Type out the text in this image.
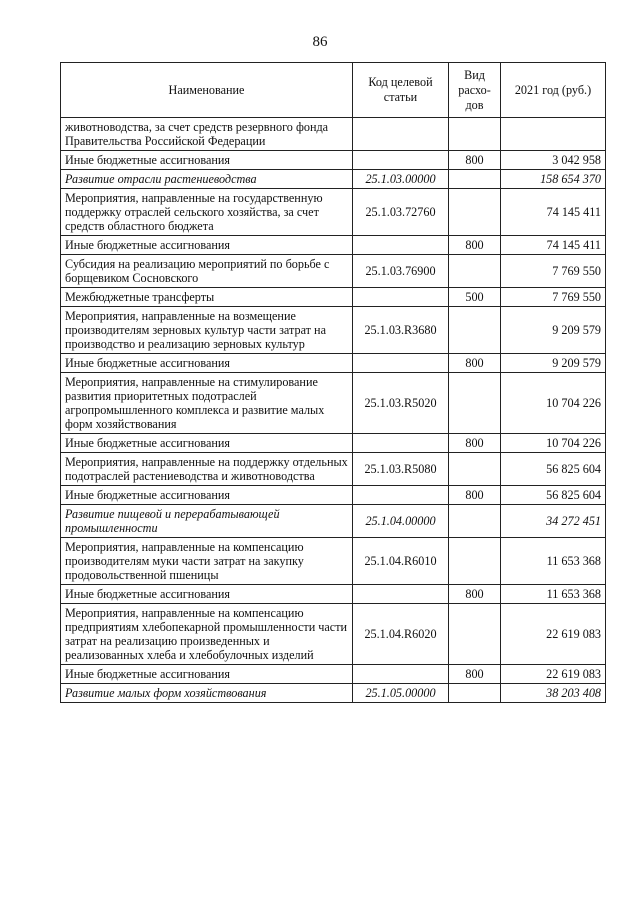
86
Наименование	Код целевой статьи	Вид расхо-дов	2021 год (руб.)
животноводства, за счет средств резервного фонда Правительства Российской Федерации			
Иные бюджетные ассигнования		800	3 042 958
Развитие отрасли растениеводства	25.1.03.00000		158 654 370
Мероприятия, направленные на государственную поддержку отраслей сельского хозяйства, за счет средств областного бюджета	25.1.03.72760		74 145 411
Иные бюджетные ассигнования		800	74 145 411
Субсидия на реализацию мероприятий по борьбе с борщевиком Сосновского	25.1.03.76900		7 769 550
Межбюджетные трансферты		500	7 769 550
Мероприятия, направленные на возмещение производителям зерновых культур части затрат на производство и реализацию зерновых культур	25.1.03.R3680		9 209 579
Иные бюджетные ассигнования		800	9 209 579
Мероприятия, направленные на стимулирование развития приоритетных подотраслей агропромышленного комплекса и развитие малых форм хозяйствования	25.1.03.R5020		10 704 226
Иные бюджетные ассигнования		800	10 704 226
Мероприятия, направленные на поддержку отдельных подотраслей растениеводства и животноводства	25.1.03.R5080		56 825 604
Иные бюджетные ассигнования		800	56 825 604
Развитие пищевой и перерабатывающей промышленности	25.1.04.00000		34 272 451
Мероприятия, направленные на компенсацию производителям муки части затрат на закупку продовольственной пшеницы	25.1.04.R6010		11 653 368
Иные бюджетные ассигнования		800	11 653 368
Мероприятия, направленные на компенсацию предприятиям хлебопекарной промышленности части затрат на реализацию произведенных и реализованных хлеба и хлебобулочных изделий	25.1.04.R6020		22 619 083
Иные бюджетные ассигнования		800	22 619 083
Развитие малых форм хозяйствования	25.1.05.00000		38 203 408
